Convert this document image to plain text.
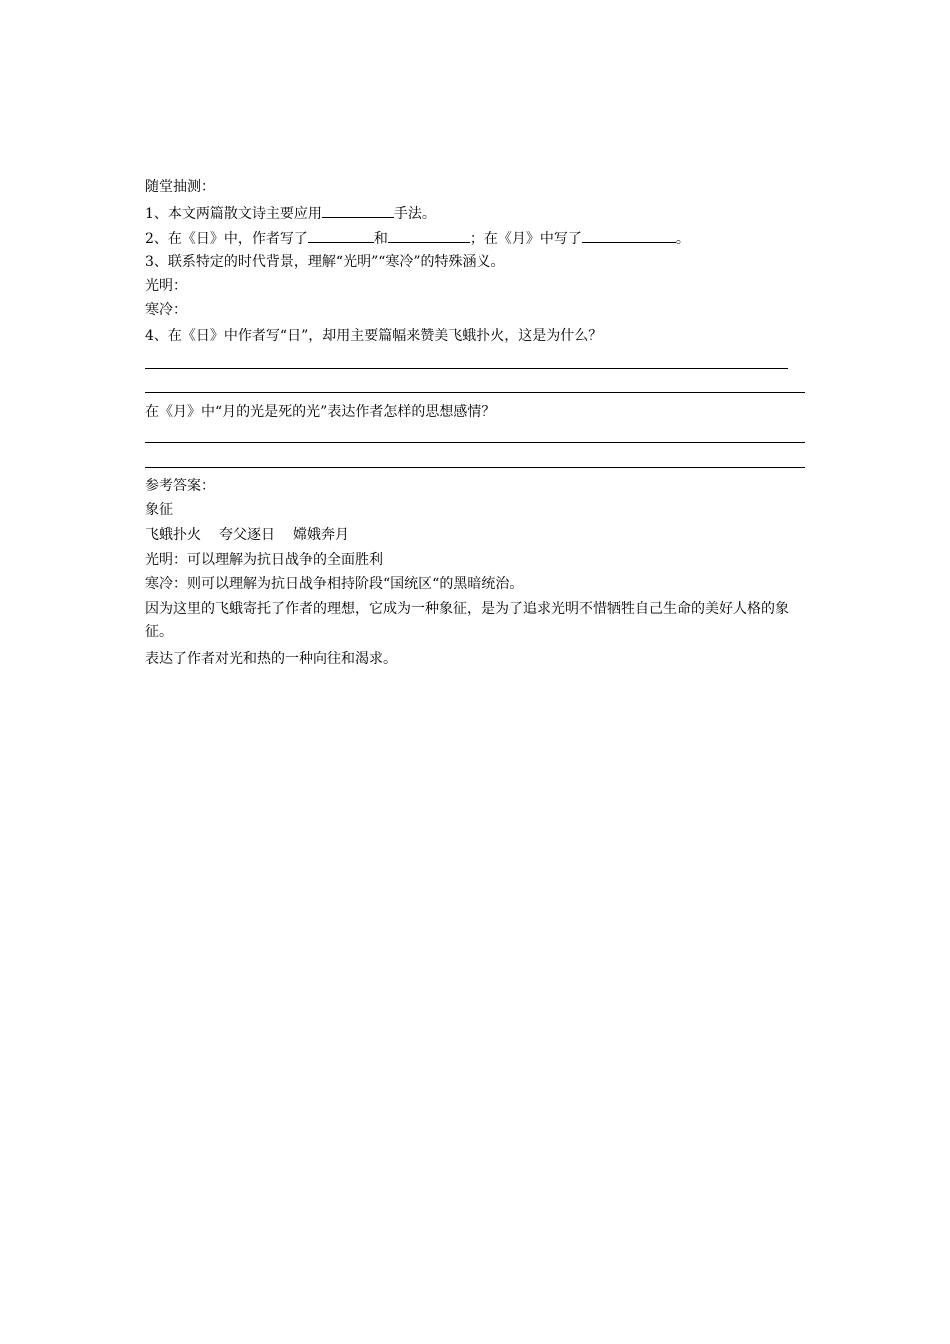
随堂抽测：
1、本文两篇散文诗主要应用	手法。
2、在《日》中，作者写了	和	；在《月》中写了	。
3、联系特定的时代背景，理解“光明”“寒冷”的特殊涵义。
光明：
寒冷：
4、在《日》中作者写“日”，却用主要篇幅来赞美飞蛾扑火，这是为什么？
在《月》中“月的光是死的光”表达作者怎样的思想感情？
参考答案：
象征
飞蛾扑火 夸父逐日 嫦娥奔月
光明：可以理解为抗日战争的全面胜利
寒冷：则可以理解为抗日战争相持阶段“国统区“的黑暗统治。
因为这里的飞蛾寄托了作者的理想，它成为一种象征，是为了追求光明不惜牺牲自己生命的美好人格的象征。
表达了作者对光和热的一种向往和渴求。
